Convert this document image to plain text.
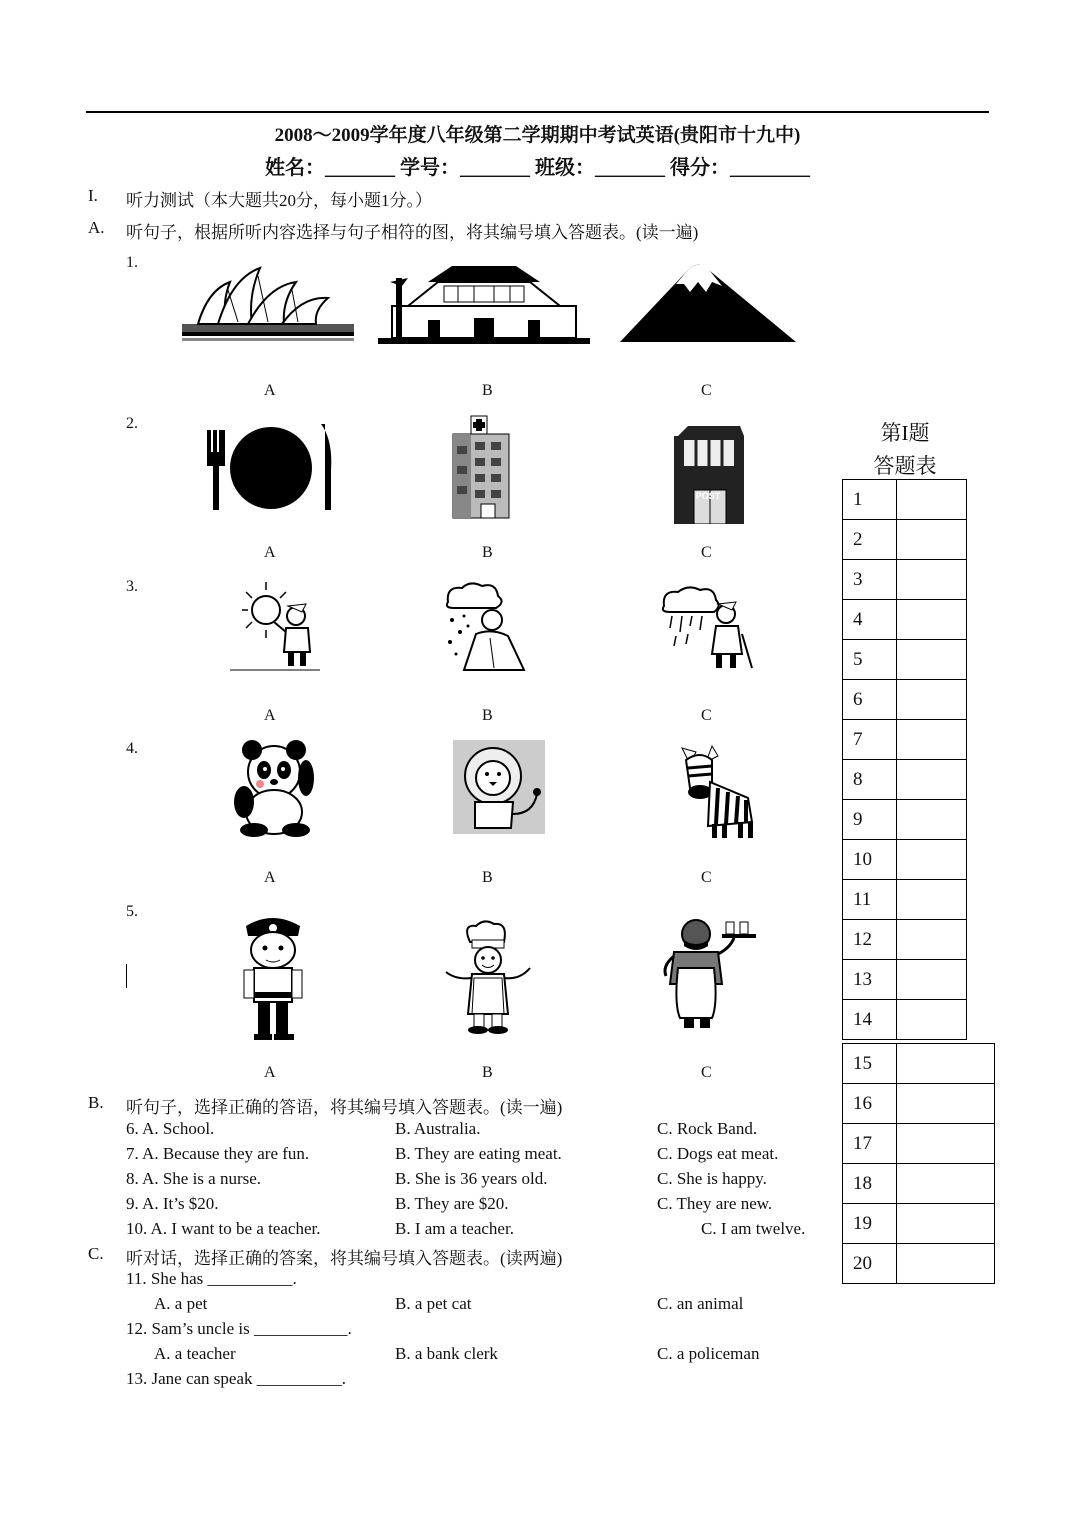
2008～2009学年度八年级第二学期期中考试英语(贵阳市十九中)
姓名：_______ 学号：_______ 班级：_______ 得分：________
I. 听力测试（本大题共20分，每小题1分。）
A. 听句子，根据所听内容选择与句子相符的图，将其编号填入答题表。(读一遍)
1.
2.
3.
4.
5.
A	B	C
POST
A	B	C
A	B	C
A	B	C
A	B	C
B. 听句子，选择正确的答语，将其编号填入答题表。(读一遍)
6. A. School.	B. Australia.	C. Rock Band.
7. A. Because they are fun.	B. They are eating meat.	C. Dogs eat meat.
8. A. She is a nurse.	B. She is 36 years old.	C. She is happy.
9. A. It’s $20.	B. They are $20.	C. They are new.
10. A. I want to be a teacher.	B. I am a teacher.	C. I am twelve.
C. 听对话，选择正确的答案，将其编号填入答题表。(读两遍)
11. She has __________.
A. a pet	B. a pet cat	C. an animal
12. Sam’s uncle is ___________.
A. a teacher	B. a bank clerk	C. a policeman
13. Jane can speak __________.
第I题
答题表
1	
2	
3	
4	
5	
6	
7	
8	
9	
10	
11	
12	
13	
14	
15	
16	
17	
18	
19	
20	
